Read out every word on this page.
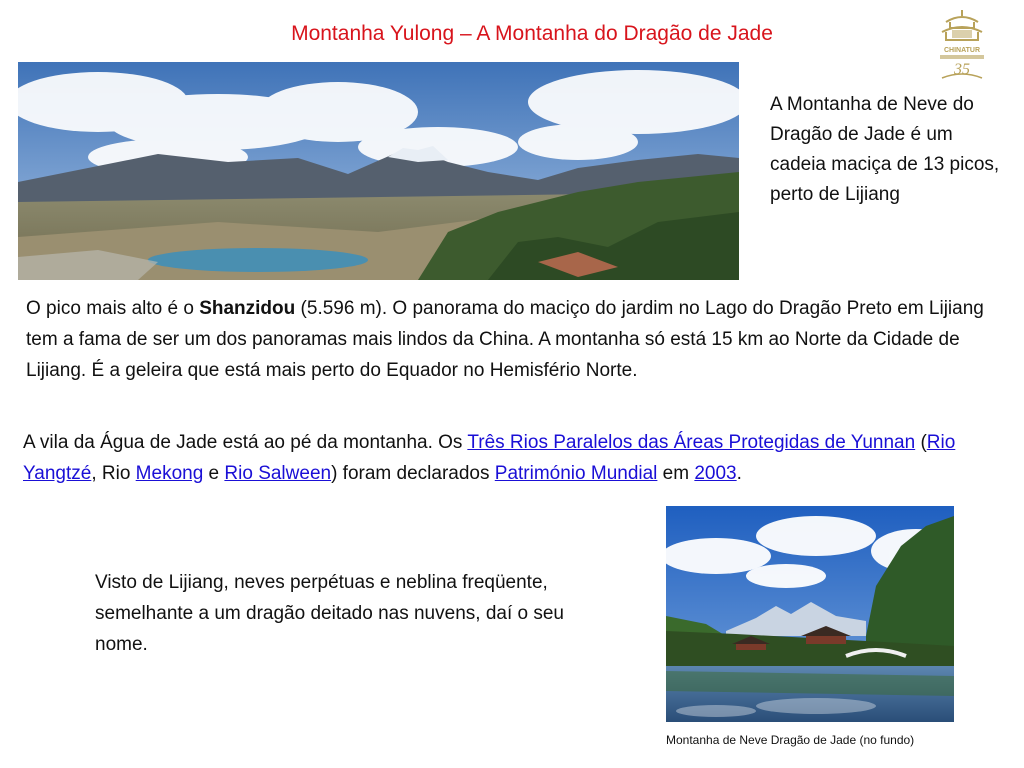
Montanha Yulong – A Montanha do Dragão de Jade
CHINATUR
35
A Montanha de Neve do Dragão de Jade é um cadeia maciça de 13 picos, perto de Lijiang
O pico mais alto é o Shanzidou (5.596 m). O panorama do maciço do jardim no Lago do Dragão Preto em Lijiang tem a fama de ser um dos panoramas mais lindos da China. A montanha só está 15 km ao Norte da Cidade de Lijiang. É a geleira que está mais perto do Equador no Hemisfério Norte.
A vila da Água de Jade está ao pé da montanha. Os Três Rios Paralelos das Áreas Protegidas de Yunnan (Rio Yangtzé, Rio Mekong e Rio Salween) foram declarados Património Mundial em 2003.
Visto de Lijiang, neves perpétuas e neblina freqüente, semelhante a um dragão deitado nas nuvens, daí o seu nome.
Montanha de Neve Dragão de Jade (no fundo)
